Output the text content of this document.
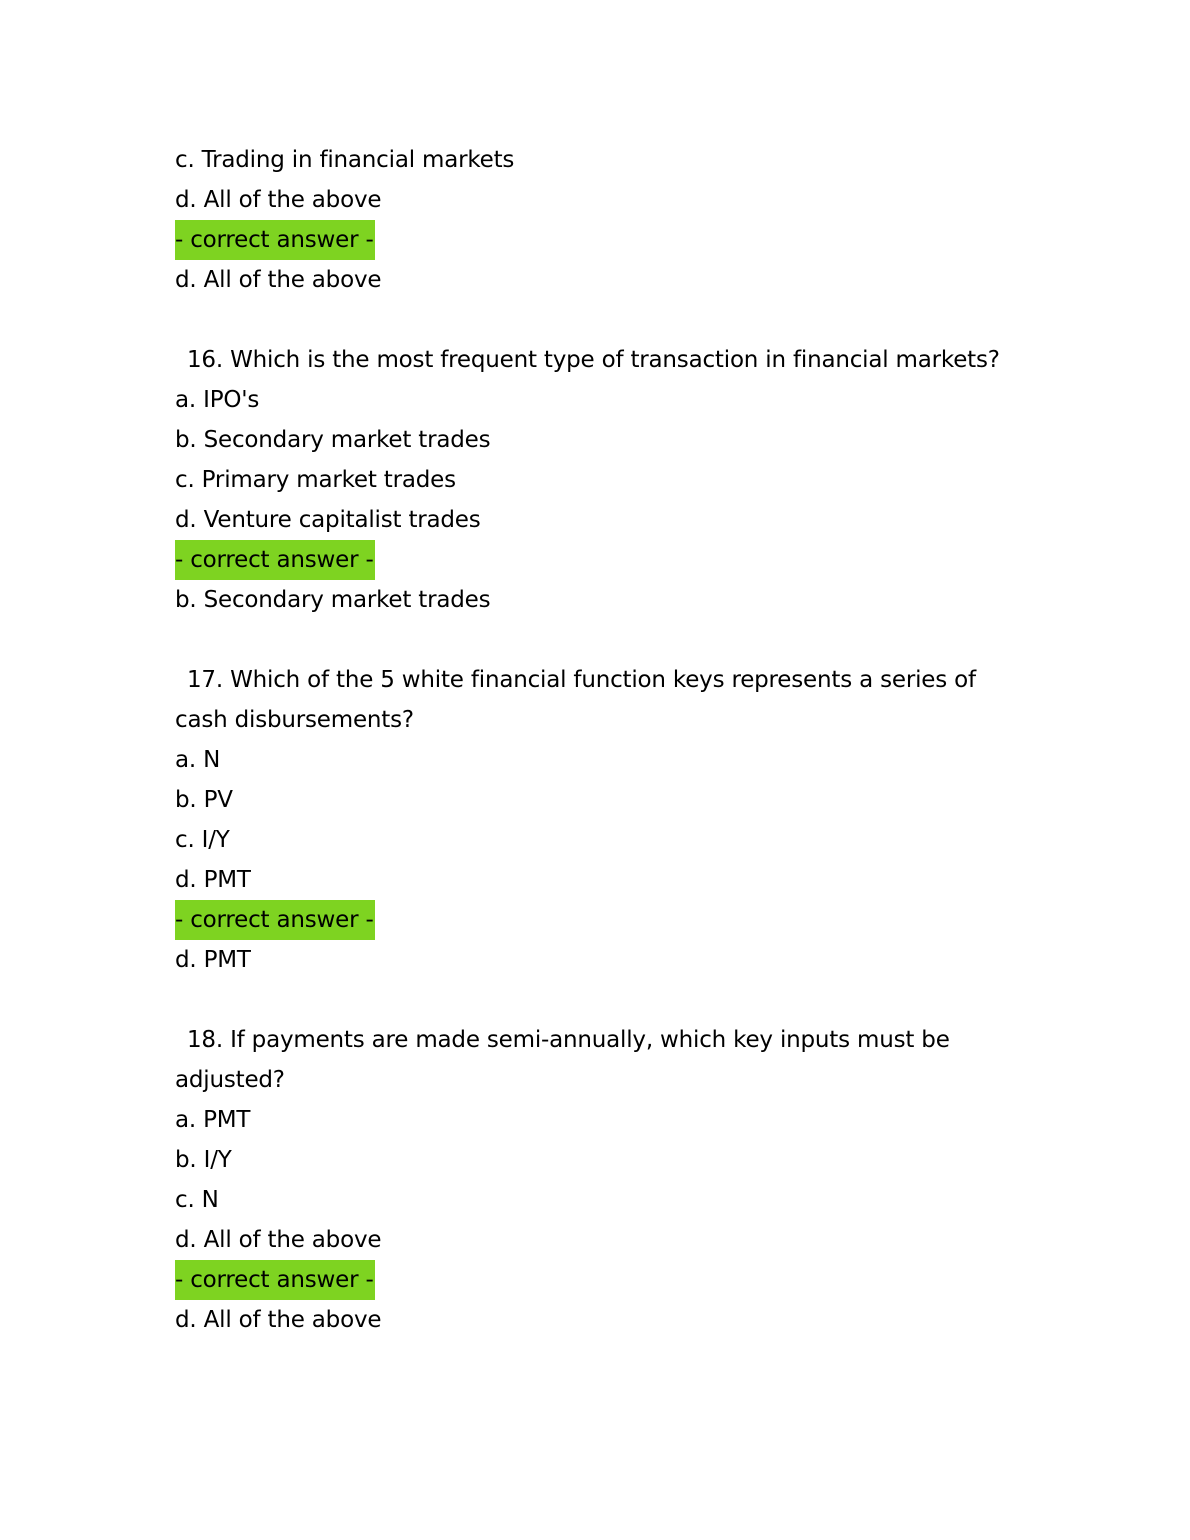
c. Trading in financial markets
d. All of the above
- correct answer -
d. All of the above
16. Which is the most frequent type of transaction in financial markets?
a. IPO's
b. Secondary market trades
c. Primary market trades
d. Venture capitalist trades
- correct answer -
b. Secondary market trades
17. Which of the 5 white financial function keys represents a series of cash disbursements?
a. N
b. PV
c. I/Y
d. PMT
- correct answer -
d. PMT
18. If payments are made semi-annually, which key inputs must be adjusted?
a. PMT
b. I/Y
c. N
d. All of the above
- correct answer -
d. All of the above
